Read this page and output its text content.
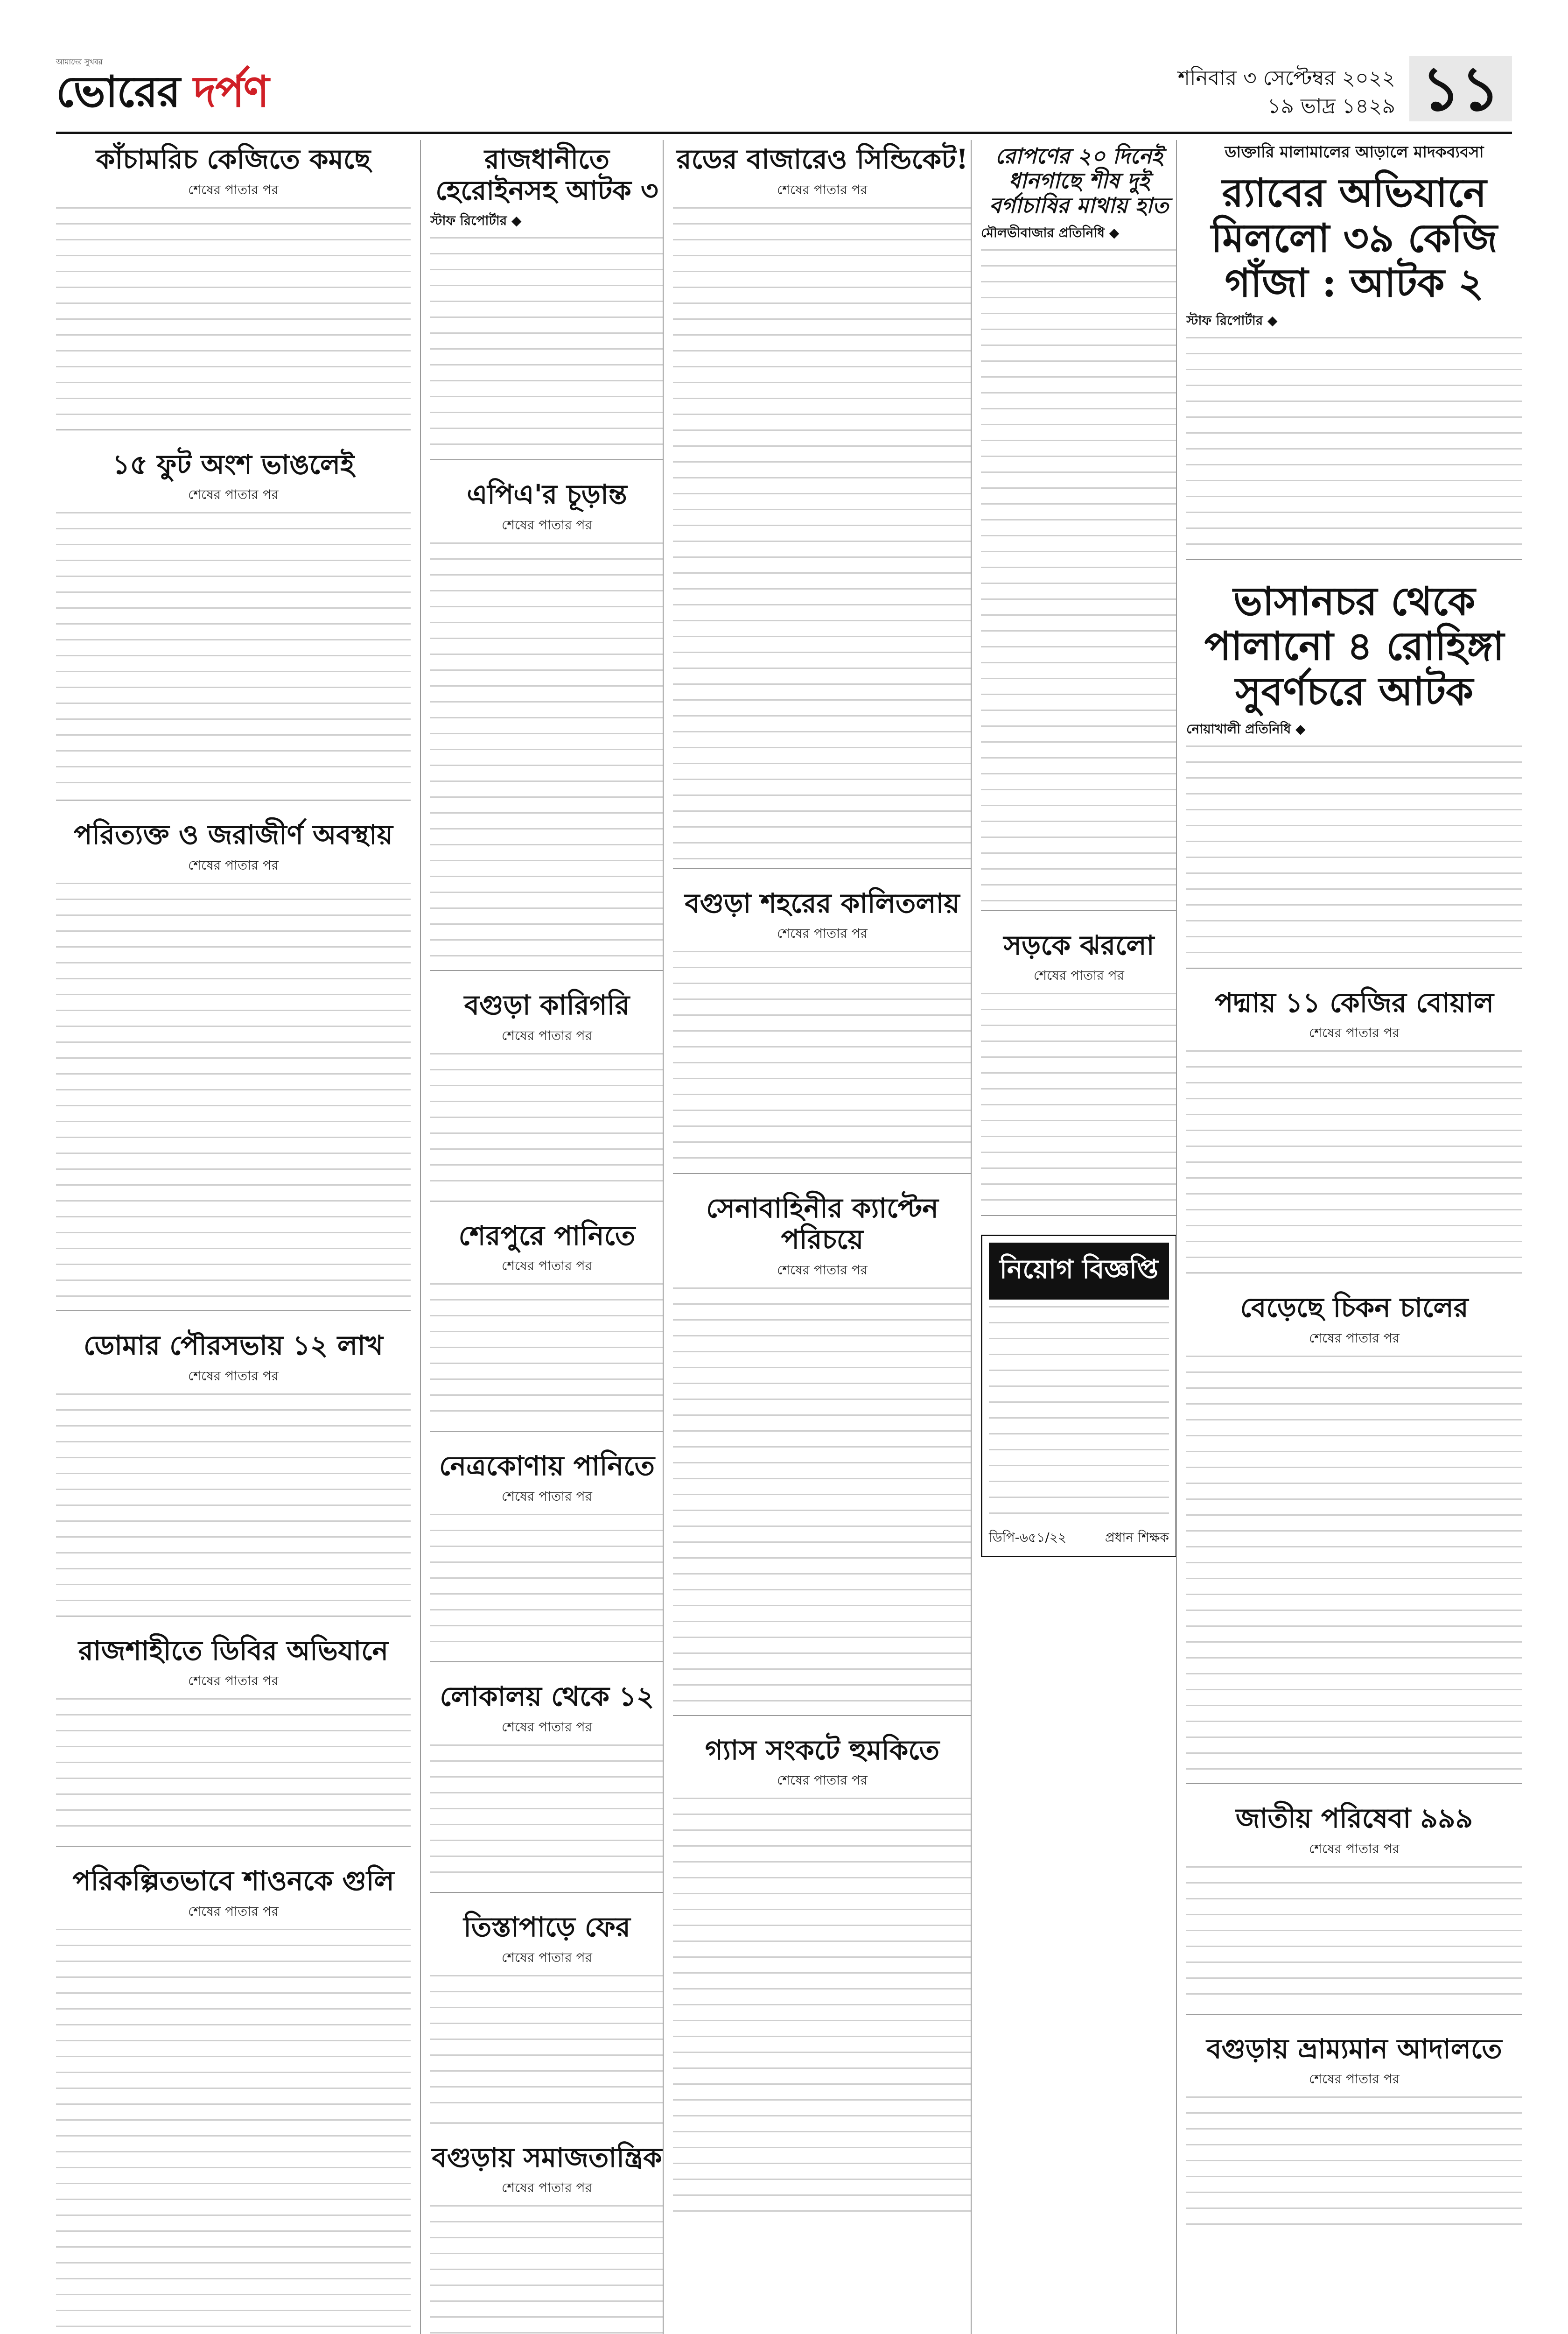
আমাদের সুখবর
ভোরের দর্পণ	শনিবার ৩ সেপ্টেম্বর ২০২২
১৯ ভাদ্র ১৪২৯ ১১
কাঁচামরিচ কেজিতে কমছে
শেষের পাতার পর
১৫ ফুট অংশ ভাঙলেই
শেষের পাতার পর
পরিত্যক্ত ও জরাজীর্ণ অবস্থায়
শেষের পাতার পর
ডোমার পৌরসভায় ১২ লাখ
শেষের পাতার পর
রাজশাহীতে ডিবির অভিযানে
শেষের পাতার পর
পরিকল্পিতভাবে শাওনকে গুলি
শেষের পাতার পর
রাজধানীতে হেরোইনসহ আটক ৩
স্টাফ রিপোর্টার ◆
এপিএ'র চূড়ান্ত
শেষের পাতার পর
বগুড়া কারিগরি
শেষের পাতার পর
শেরপুরে পানিতে
শেষের পাতার পর
নেত্রকোণায় পানিতে
শেষের পাতার পর
লোকালয় থেকে ১২
শেষের পাতার পর
তিস্তাপাড়ে ফের
শেষের পাতার পর
বগুড়ায় সমাজতান্ত্রিক
শেষের পাতার পর
রডের বাজারেও সিন্ডিকেট!
শেষের পাতার পর
বগুড়া শহরের কালিতলায়
শেষের পাতার পর
সেনাবাহিনীর ক্যাপ্টেন পরিচয়ে
শেষের পাতার পর
গ্যাস সংকটে হুমকিতে
শেষের পাতার পর
রোপণের ২০ দিনেই ধানগাছে শীষ দুই বর্গাচাষির মাথায় হাত
মৌলভীবাজার প্রতিনিধি ◆
সড়কে ঝরলো
শেষের পাতার পর
নিয়োগ বিজ্ঞপ্তি
ডিপি-৬৫১/২২	প্রধান শিক্ষক
ডাক্তারি মালামালের আড়ালে মাদকব্যবসা
র‍্যাবের অভিযানে মিললো ৩৯ কেজি গাঁজা : আটক ২
স্টাফ রিপোর্টার ◆
ভাসানচর থেকে পালানো ৪ রোহিঙ্গা সুবর্ণচরে আটক
নোয়াখালী প্রতিনিধি ◆
পদ্মায় ১১ কেজির বোয়াল
শেষের পাতার পর
বেড়েছে চিকন চালের
শেষের পাতার পর
জাতীয় পরিষেবা ৯৯৯
শেষের পাতার পর
বগুড়ায় ভ্রাম্যমান আদালতে
শেষের পাতার পর
